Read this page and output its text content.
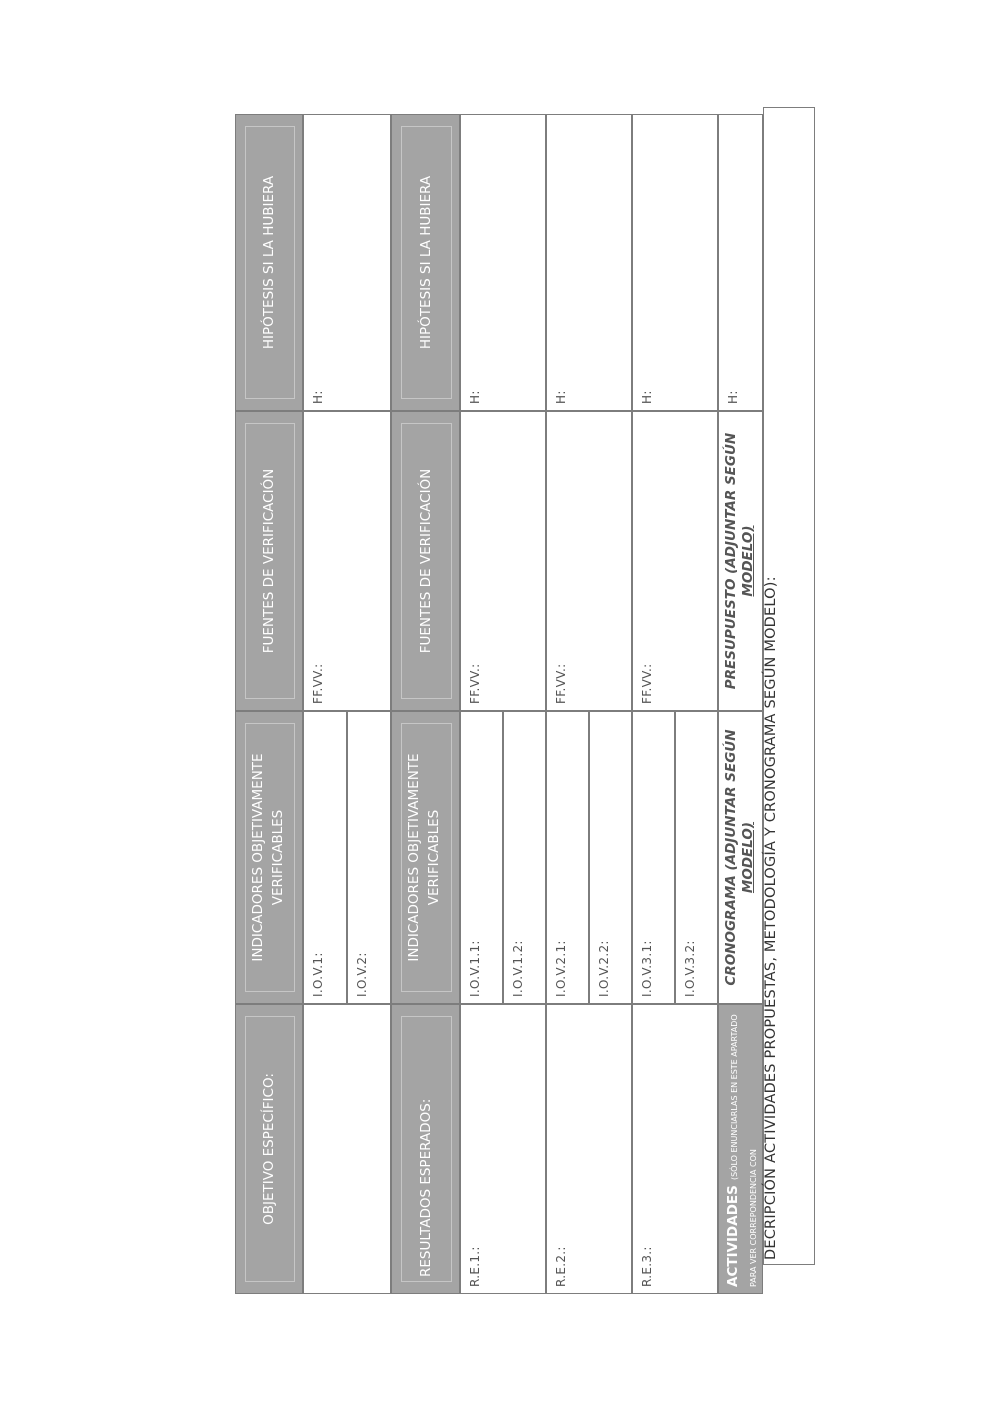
OBJETIVO ESPECÍFICO:
INDICADORES OBJETIVAMENTE VERIFICABLES
FUENTES DE VERIFICACIÓN
HIPÓTESIS SI LA HUBIERA
I.O.V.1:	I.O.V.2:
FF.VV.:
H:
RESULTADOS ESPERADOS:
INDICADORES OBJETIVAMENTE VERIFICABLES
FUENTES DE VERIFICACIÓN
HIPÓTESIS SI LA HUBIERA
R.E.1.:
I.O.V.1.1: I.O.V.1.2:
FF.VV.:
H:
R.E.2.:
I.O.V.2.1: I.O.V.2.2:
FF.VV.:
H:
R.E.3.:
I.O.V.3.1: I.O.V.3.2:
FF.VV.:
H:
ACTIVIDADES (SÓLO ENUNCIARLAS EN ESTE APARTADO PARA VER CORREPONDENCIA CON
CRONOGRAMA (ADJUNTAR SEGÚN MODELO)
PRESUPUESTO (ADJUNTAR SEGÚN MODELO)
H:
DECRIPCIÓN ACTIVIDADES PROPUESTAS, METODOLOGÍA Y CRONOGRAMA SEGÚN MODELO):
